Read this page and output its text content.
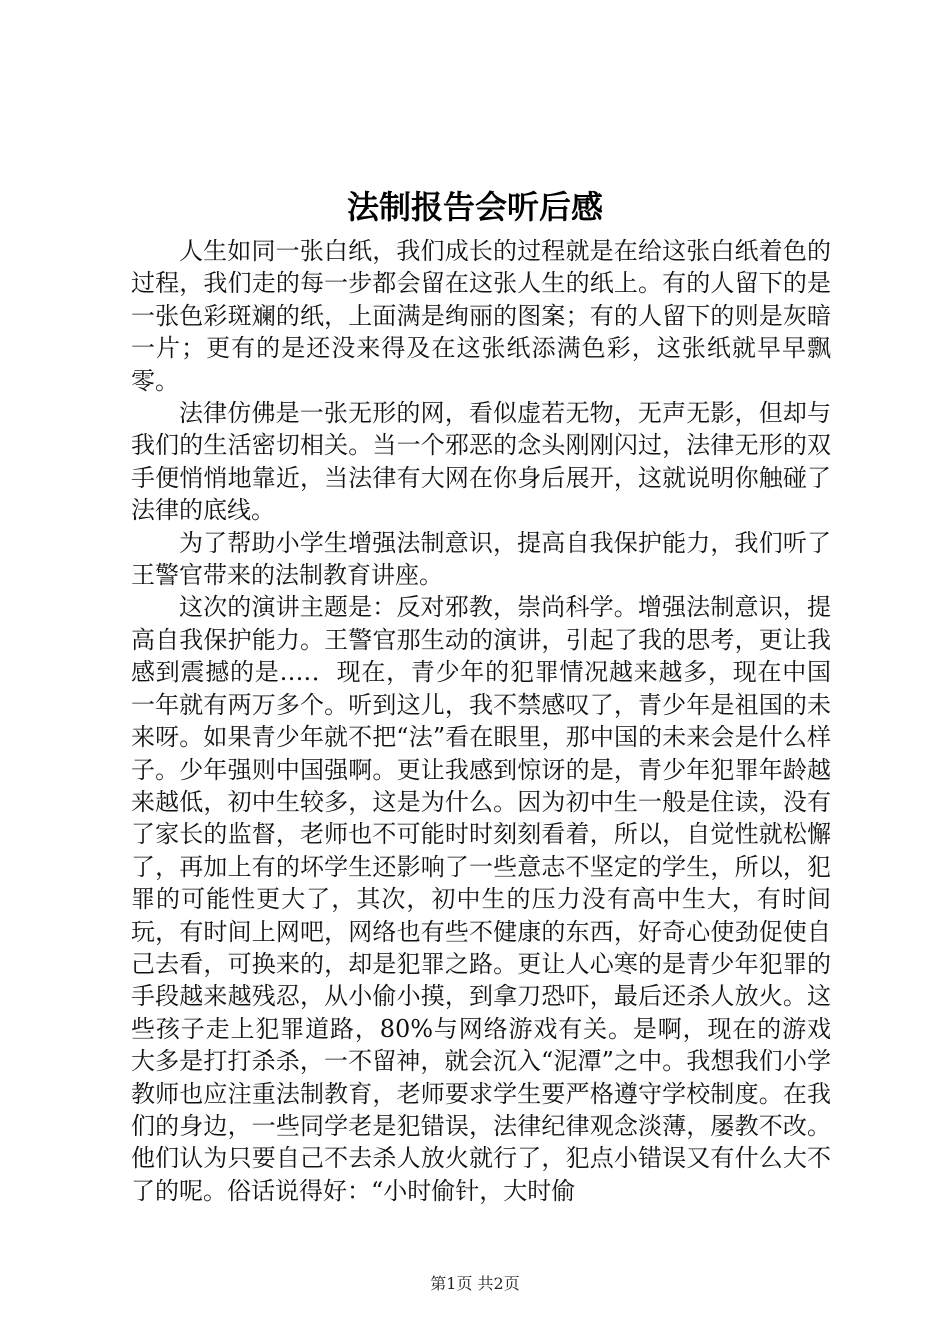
法制报告会听后感

人生如同一张白纸，我们成长的过程就是在给这张白纸着色的过程，我们走的每一步都会留在这张人生的纸上。有的人留下的是一张色彩斑斓的纸，上面满是绚丽的图案；有的人留下的则是灰暗一片；更有的是还没来得及在这张纸添满色彩，这张纸就早早飘零。

法律仿佛是一张无形的网，看似虚若无物，无声无影，但却与我们的生活密切相关。当一个邪恶的念头刚刚闪过，法律无形的双手便悄悄地靠近，当法律有大网在你身后展开，这就说明你触碰了法律的底线。

为了帮助小学生增强法制意识，提高自我保护能力，我们听了王警官带来的法制教育讲座。

这次的演讲主题是：反对邪教，崇尚科学。增强法制意识，提高自我保护能力。王警官那生动的演讲，引起了我的思考，更让我感到震撼的是….．现在，青少年的犯罪情况越来越多，现在中国一年就有两万多个。听到这儿，我不禁感叹了，青少年是祖国的未来呀。如果青少年就不把“法”看在眼里，那中国的未来会是什么样子。少年强则中国强啊。更让我感到惊讶的是，青少年犯罪年龄越来越低，初中生较多，这是为什么。因为初中生一般是住读，没有了家长的监督，老师也不可能时时刻刻看着，所以，自觉性就松懈了，再加上有的坏学生还影响了一些意志不坚定的学生，所以，犯罪的可能性更大了，其次，初中生的压力没有高中生大，有时间玩，有时间上网吧，网络也有些不健康的东西，好奇心使劲促使自己去看，可换来的，却是犯罪之路。更让人心寒的是青少年犯罪的手段越来越残忍，从小偷小摸，到拿刀恐吓，最后还杀人放火。这些孩子走上犯罪道路，80%与网络游戏有关。是啊，现在的游戏大多是打打杀杀，一不留神，就会沉入“泥潭”之中。我想我们小学教师也应注重法制教育，老师要求学生要严格遵守学校制度。在我们的身边，一些同学老是犯错误，法律纪律观念淡薄，屡教不改。他们认为只要自己不去杀人放火就行了，犯点小错误又有什么大不了的呢。俗话说得好：“小时偷针，大时偷

第1页 共2页
